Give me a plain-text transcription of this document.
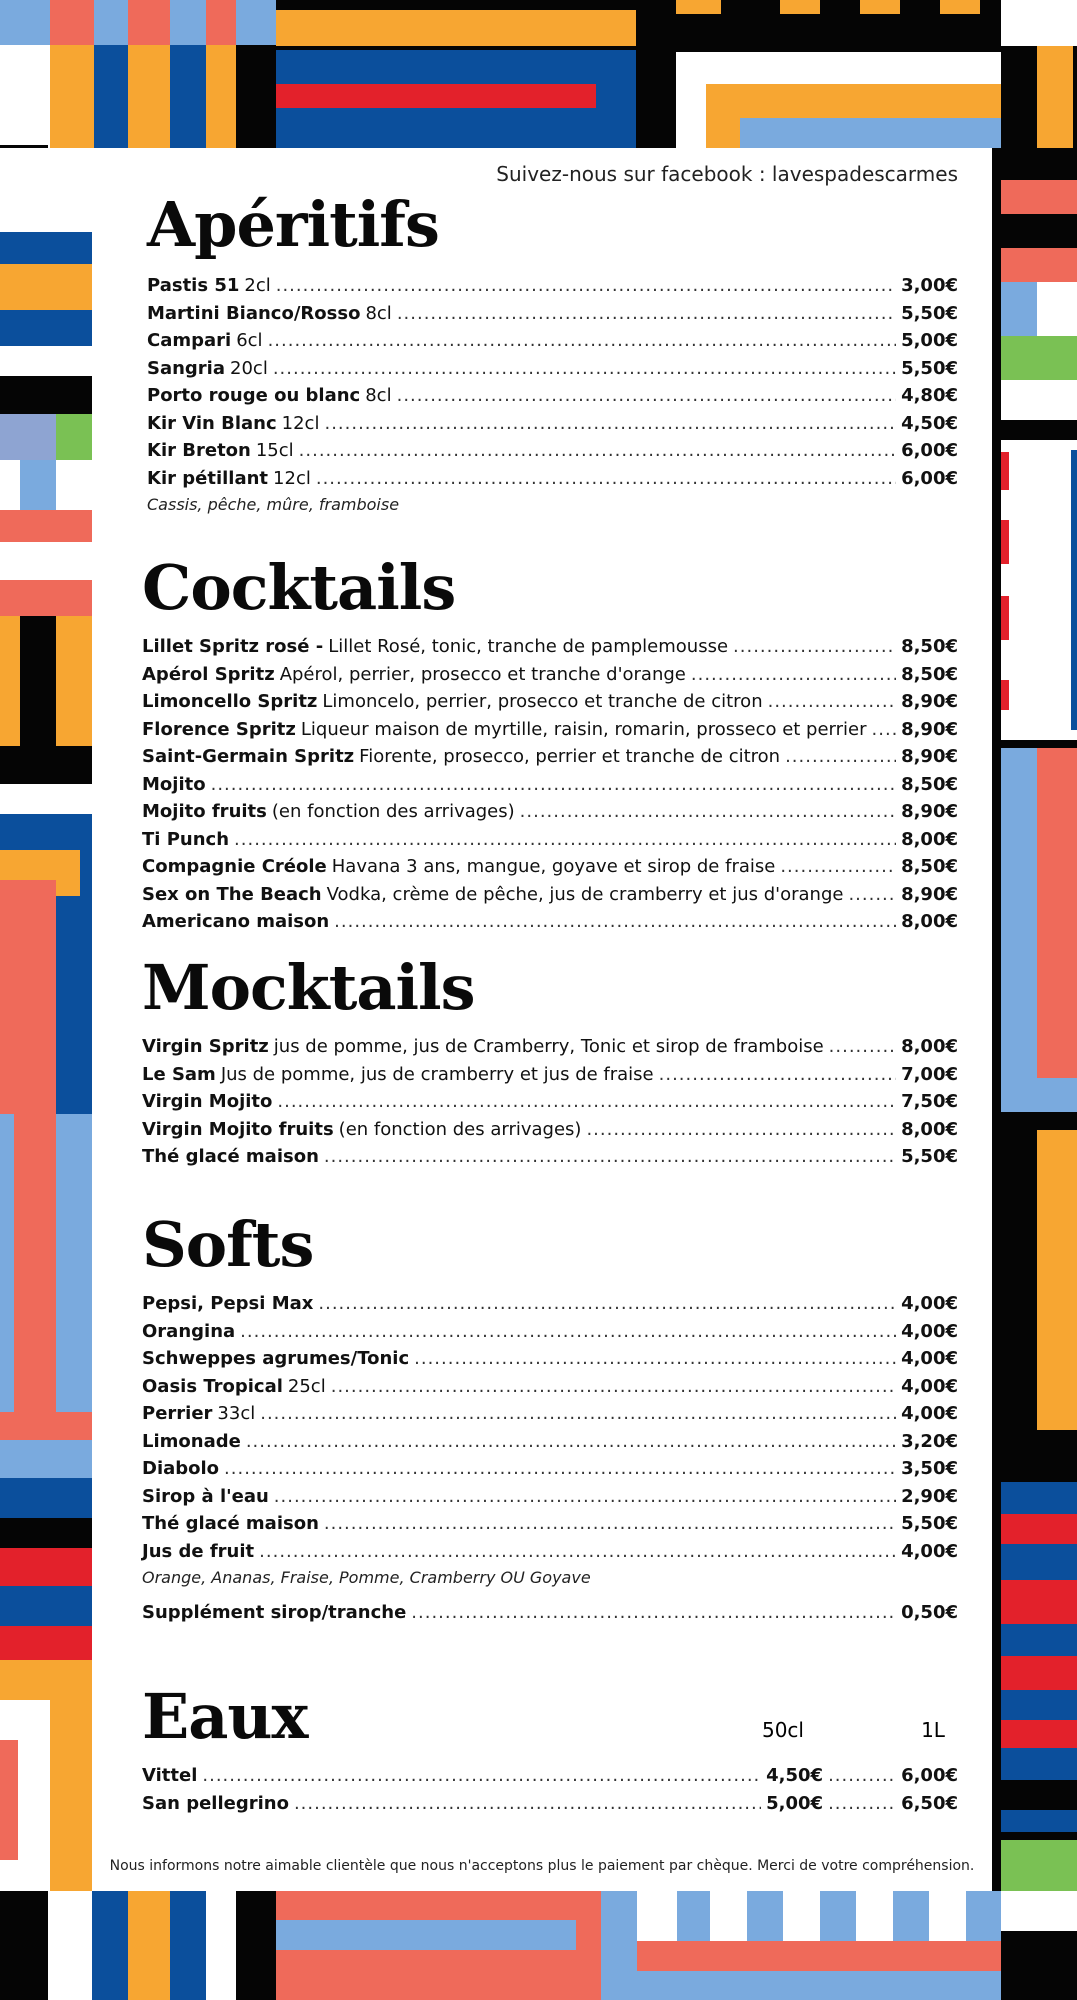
Suivez-nous sur facebook : lavespadescarmes
Apéritifs
Pastis 51 2cl .....	3,00€
Martini Bianco/Rosso 8cl .....	5,50€
Campari 6cl .....	5,00€
Sangria 20cl .....	5,50€
Porto rouge ou blanc 8cl .....	4,80€
Kir Vin Blanc 12cl .....	4,50€
Kir Breton 15cl .....	6,00€
Kir pétillant 12cl .....	6,00€
Cassis, pêche, mûre, framboise
Cocktails
Lillet Spritz rosé - Lillet Rosé, tonic, tranche de pamplemousse .....	8,50€
Apérol Spritz Apérol, perrier, prosecco et tranche d'orange .....	8,50€
Limoncello Spritz Limoncelo, perrier, prosecco et tranche de citron .....	8,90€
Florence Spritz Liqueur maison de myrtille, raisin, romarin, prosseco et perrier ..... 8,90€
Saint-Germain Spritz Fiorente, prosecco, perrier et tranche de citron .....	8,90€
Mojito .....	8,50€
Mojito fruits (en fonction des arrivages) .....	8,90€
Ti Punch .....	8,00€
Compagnie Créole Havana 3 ans, mangue, goyave et sirop de fraise .....	8,50€
Sex on The Beach Vodka, crème de pêche, jus de cramberry et jus d'orange .....	8,90€
Americano maison .....	8,00€
Mocktails
Virgin Spritz jus de pomme, jus de Cramberry, Tonic et sirop de framboise .....	8,00€
Le Sam Jus de pomme, jus de cramberry et jus de fraise .....	7,00€
Virgin Mojito .....	7,50€
Virgin Mojito fruits (en fonction des arrivages) .....	8,00€
Thé glacé maison .....	5,50€
Softs
Pepsi, Pepsi Max .....	4,00€
Orangina .....	4,00€
Schweppes agrumes/Tonic .....	4,00€
Oasis Tropical 25cl .....	4,00€
Perrier 33cl .....	4,00€
Limonade .....	3,20€
Diabolo .....	3,50€
Sirop à l'eau .....	2,90€
Thé glacé maison .....	5,50€
Jus de fruit .....	4,00€
Orange, Ananas, Fraise, Pomme, Cramberry OU Goyave
Supplément sirop/tranche .....	0,50€
Eaux	50cl	1L
Vittel .....	4,50€ .....	6,00€
San pellegrino .....	5,00€ .....	6,50€
Nous informons notre aimable clientèle que nous n'acceptons plus le paiement par chèque. Merci de votre compréhension.
